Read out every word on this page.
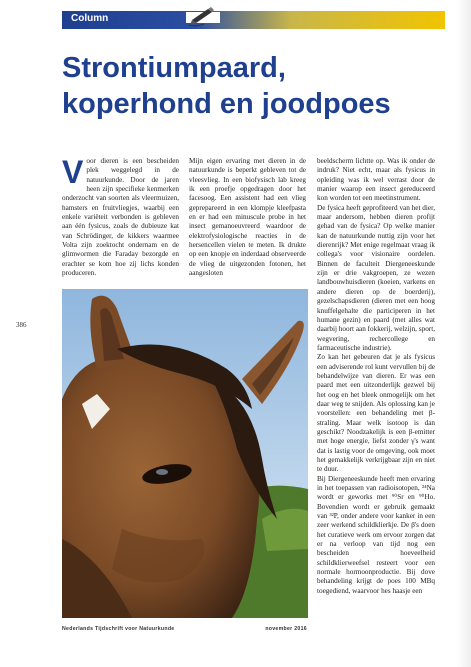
Column
Strontiumpaard,
koperhond en joodpoes
V oor dieren is een bescheiden plek weggelegd in de natuurkunde. Door de jaren heen zijn specifieke kenmerken onderzocht van soorten als vleermuizen, hamsters en fruitvliegjes, waarbij een enkele variëteit verbonden is gebleven aan één fysicus, zoals de dubieuze kat van Schrödinger, de kikkers waarmee Volta zijn zoektocht ondernam en de glimwormen die Faraday bezorgde en erachter se kom hoe zij lichs konden produceren.

Mijn eigen ervaring met dieren in de natuurkunde is beperkt gebleven tot de vleesvlieg. In een biofysisch lab kreeg ik een proefje opgedragen door het facesoog. Een assistent had een vlieg geprepareerd in een klompje kleefpasta en er had een minuscule probe in het insect gemanoeuvreerd waardoor de elektrofysiologische reacties in de hersencellen vielen te meten. Ik drukte op een knopje en inderdaad observeerde de vlieg de uitgezonden fotonen, het aangesloten

beeldscherm lichtte op. Was ik onder de indruk? Niet echt, maar als fysicus in opleiding was ik wel verrast door de manier waarop een insect gereduceerd kon worden tot een meetinstrument.

De fysica heeft geprofiteerd van het dier, maar andersom, hebben dieren profijt gehad van de fysica? Op welke manier kan de natuurkunde nuttig zijn voor het dierenrijk? Met enige regelmaat vraag ik collega's voor visionaire oordelen. Binnen de faculteit Diergeneeskunde zijn er drie vakgroepen, ze wezen landbouwhuisdieren (koeien, varkens en andere dieren op de boerderij), gezelschapsdieren (dieren met een hoog knuffelgehalte die participeren in het humane gezin) en paard (met alles wat daarbij hoort aan fokkerij, welzijn, sport, wegvering, rechercollege en farmaceutische industrie).

Zo kan het gebeuren dat je als fysicus een adviserende rol kunt vervullen bij de behandelwijze van dieren. Er was een paard met een uitzonderlijk gezwel bij het oog en het bleek onmogelijk om het daar weg te snijden. Als oplossing kan je voorstellen: een behandeling met β-straling. Maar welk isotoop is dan geschikt? Noodzakelijk is een β-emitter met hoge energie, liefst zonder γ's want dat is lastig voor de omgeving, ook moet het gemakkelijk verkrijgbaar zijn en niet te duur.

Bij Diergeneeskunde heeft men ervaring in het toepassen van radioisotopen, ²⁴Na wordt er geworks met ⁹⁰Sr en ⁹⁰Ho. Bovendien wordt er gebruik gemaakt van ³²P, onder andere voor kanker in een zeer werkend schildklierkje. De β's doen het curatieve werk om ervoor zorgen dat er na verloop van tijd nog een bescheiden hoeveelheid schildklierweefsel resteert voor een normale hormoonproductie. Bij dove behandeling krijgt de poes 100 MBq toegediend, waarvoor hes haasje een

386
Nederlands Tijdschrift voor Natuurkunde	november 2016
